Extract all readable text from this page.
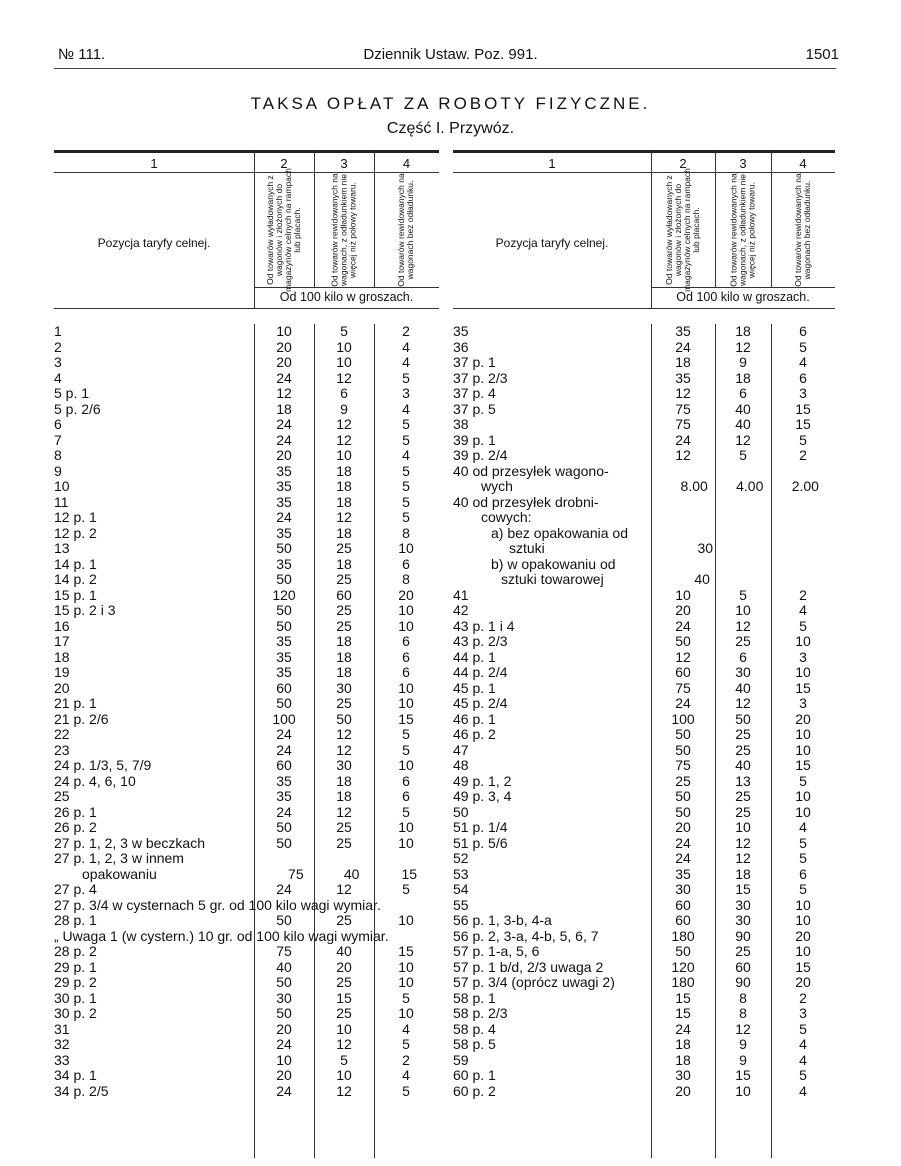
№ 111.	Dziennik Ustaw. Poz. 991.	1501
TAKSA OPŁAT ZA ROBOTY FIZYCZNE.
Część I. Przywóz.
1	2	3	4
Pozycja taryfy celnej.	Od towarów wyładowanych z wagonów i złożonych do magazynów celnych na rampach lub placach.	Od towarów rewidowanych na wagonach, z odładunkiem nie więcej niż połowy towaru.	Od towarów rewidowanych na wagonach bez odładunku.
Od 100 kilo w groszach.
1	10	5	2
2	20	10	4
3	20	10	4
4	24	12	5
5 p. 1	12	6	3
5 p. 2/6	18	9	4
6	24	12	5
7	24	12	5
8	20	10	4
9	35	18	5
10	35	18	5
11	35	18	5
12 p. 1	24	12	5
12 p. 2	35	18	8
13	50	25	10
14 p. 1	35	18	6
14 p. 2	50	25	8
15 p. 1	120	60	20
15 p. 2 i 3	50	25	10
16	50	25	10
17	35	18	6
18	35	18	6
19	35	18	6
20	60	30	10
21 p. 1	50	25	10
21 p. 2/6	100	50	15
22	24	12	5
23	24	12	5
24 p. 1/3, 5, 7/9	60	30	10
24 p. 4, 6, 10	35	18	6
25	35	18	6
26 p. 1	24	12	5
26 p. 2	50	25	10
27 p. 1, 2, 3 w beczkach	50	25	10
27 p. 1, 2, 3 w innem
opakowaniu	75	40	15
27 p. 4	24	12	5
27 p. 3/4 w cysternach 5 gr. od 100 kilo wagi wymiar.
28 p. 1	50	25	10
„ Uwaga 1 (w cystern.) 10 gr. od 100 kilo wagi wymiar.
28 p. 2	75	40	15
29 p. 1	40	20	10
29 p. 2	50	25	10
30 p. 1	30	15	5
30 p. 2	50	25	10
31	20	10	4
32	24	12	5
33	10	5	2
34 p. 1	20	10	4
34 p. 2/5	24	12	5
1	2	3	4
Pozycja taryfy celnej.	Od towarów wyładowanych z wagonów i złożonych do magazynów celnych na rampach lub placach.	Od towarów rewidowanych na wagonach, z odładunkiem nie więcej niż połowy towaru.	Od towarów rewidowanych na wagonach bez odładunku.
Od 100 kilo w groszach.
35	35	18	6
36	24	12	5
37 p. 1	18	9	4
37 p. 2/3	35	18	6
37 p. 4	12	6	3
37 p. 5	75	40	15
38	75	40	15
39 p. 1	24	12	5
39 p. 2/4	12	5	2
40 od przesyłek wagono-
wych	8.00	4.00	2.00
40 od przesyłek drobni-
cowych:
a) bez opakowania od
sztuki	30
b) w opakowaniu od
sztuki towarowej	40
41	10	5	2
42	20	10	4
43 p. 1 i 4	24	12	5
43 p. 2/3	50	25	10
44 p. 1	12	6	3
44 p. 2/4	60	30	10
45 p. 1	75	40	15
45 p. 2/4	24	12	3
46 p. 1	100	50	20
46 p. 2	50	25	10
47	50	25	10
48	75	40	15
49 p. 1, 2	25	13	5
49 p. 3, 4	50	25	10
50	50	25	10
51 p. 1/4	20	10	4
51 p. 5/6	24	12	5
52	24	12	5
53	35	18	6
54	30	15	5
55	60	30	10
56 p. 1, 3-b, 4-a	60	30	10
56 p. 2, 3-a, 4-b, 5, 6, 7	180	90	20
57 p. 1-a, 5, 6	50	25	10
57 p. 1 b/d, 2/3 uwaga 2	120	60	15
57 p. 3/4 (oprócz uwagi 2)	180	90	20
58 p. 1	15	8	2
58 p. 2/3	15	8	3
58 p. 4	24	12	5
58 p. 5	18	9	4
59	18	9	4
60 p. 1	30	15	5
60 p. 2	20	10	4
